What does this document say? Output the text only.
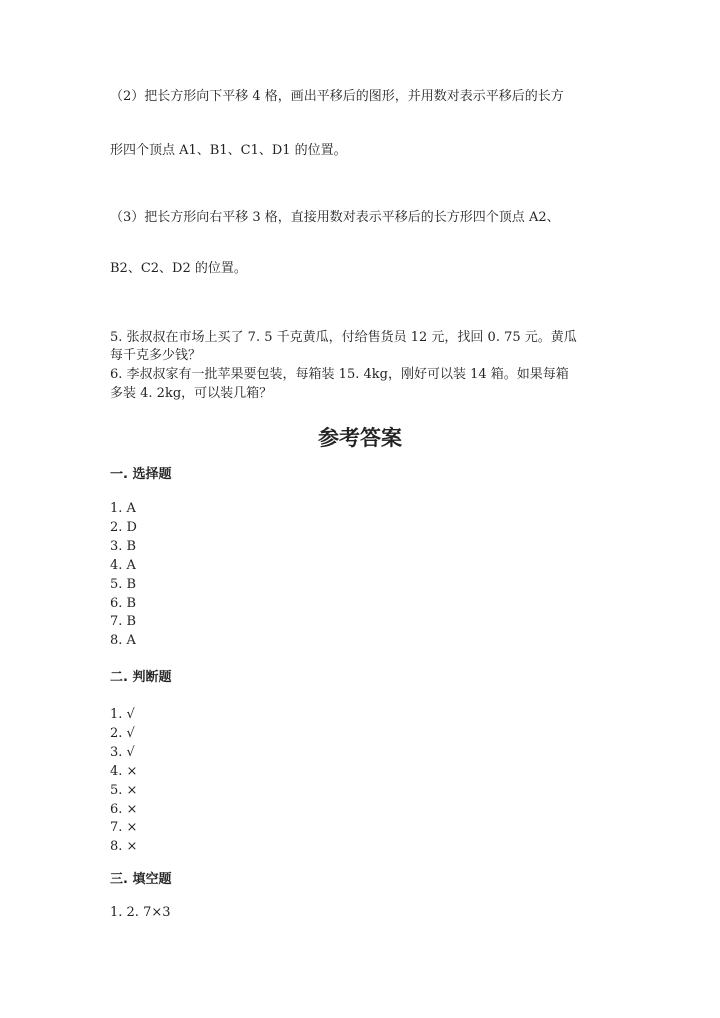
（2）把长方形向下平移 4 格，画出平移后的图形，并用数对表示平移后的长方
形四个顶点 A1、B1、C1、D1 的位置。
（3）把长方形向右平移 3 格，直接用数对表示平移后的长方形四个顶点 A2、
B2、C2、D2 的位置。
5. 张叔叔在市场上买了 7. 5 千克黄瓜，付给售货员 12 元，找回 0. 75 元。黄瓜
每千克多少钱？
6. 李叔叔家有一批苹果要包装，每箱装 15. 4kg，刚好可以装 14 箱。如果每箱
多装 4. 2kg，可以装几箱？
参考答案
一. 选择题
1. A
2. D
3. B
4. A
5. B
6. B
7. B
8. A
二. 判断题
1. √
2. √
3. √
4. ×
5. ×
6. ×
7. ×
8. ×
三. 填空题
1. 2. 7×3
